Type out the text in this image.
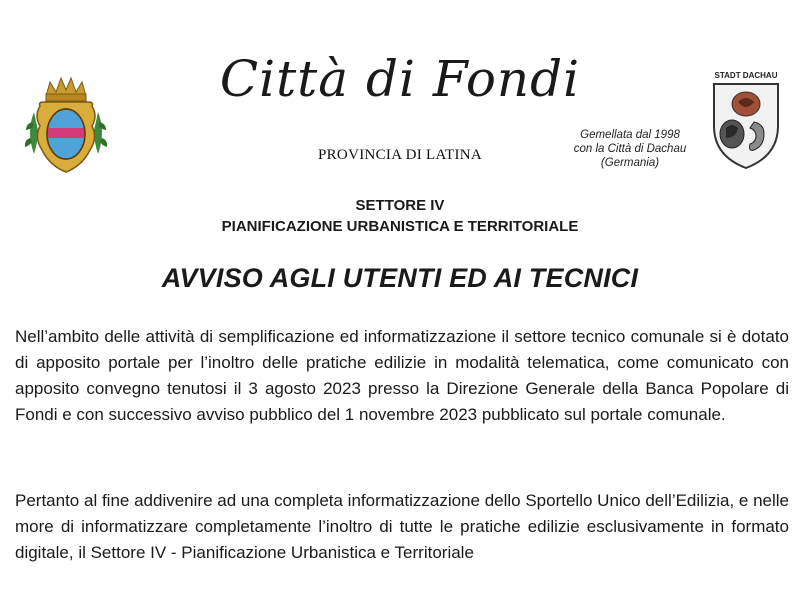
STADT DACHAU
Città di Fondi
PROVINCIA DI LATINA
Gemellata dal 1998
con la Città di Dachau
(Germania)
SETTORE IV
PIANIFICAZIONE URBANISTICA E TERRITORIALE
AVVISO AGLI UTENTI ED AI TECNICI
Nell’ambito delle attività di semplificazione ed informatizzazione il settore tecnico comunale si è dotato di apposito portale per l’inoltro delle pratiche edilizie in modalità telematica, come comunicato con apposito convegno tenutosi il 3 agosto 2023 presso la Direzione Generale della Banca Popolare di Fondi e con successivo avviso pubblico del 1 novembre 2023 pubblicato sul portale comunale.
Pertanto al fine addivenire ad una completa informatizzazione dello Sportello Unico dell’Edilizia, e nelle more di informatizzare completamente l’inoltro di tutte le pratiche edilizie esclusivamente in formato digitale, il Settore IV - Pianificazione Urbanistica e Territoriale
